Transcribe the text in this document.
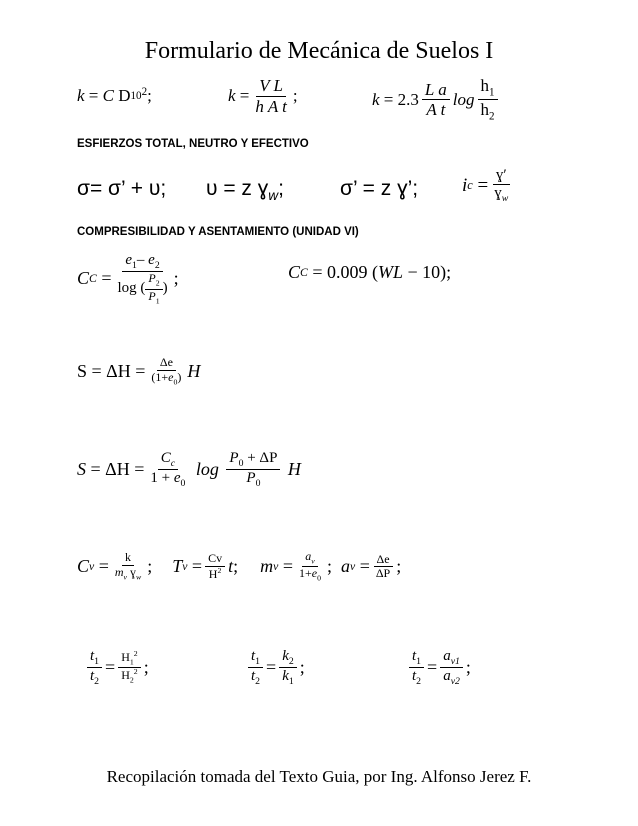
Formulario de Mecánica de Suelos I
k = C D $10^2$ ;	$k = \frac{\text{V L}}{\text{h A t}}$ ;	$k = 2.3 \frac{\text{L a}}{\text{A t}}$ $\log \frac{h_1}{h_2}$
ESFIERZOS TOTAL, NEUTRO Y EFECTIVO
σ= σ’ + ᴜ; ᴜ = z ɣ$_w$;	σ’ = z ɣ’; i $c = \frac{\text{ɣ′}}{ɣ_w}$
COMPRESIBILIDAD Y ASENTAMIENTO (UNIDAD VI)
C $C = \frac{e_1- e_2}{\log ( \frac{P_2}{P_1} )}$ ;	C C = 0.009 ( WL − 10);
$S = \Delta H = \frac{\Delta e}{(1+e_0)}$ H
$S = \Delta H = \frac{C_c}{1 + e_0}$
log
$\frac{P_0 + \Delta P}{P_0}$
H
C $v = \frac{k}{m_v ɣ_w}$ ; T $v = \frac{Cv}{H^2}$ t ; m $v = \frac{a_v}{1+e_0}$ ; a $v = \frac{\Delta e}{\Delta P}$ ;
$\frac{t_1}{t_2} = \frac{H_1^2}{H_2^2}$ ;	$\frac{t_1}{t_2} = \frac{k_2}{k_1}$ ;	$\frac{t_1}{t_2} = \frac{a_{v1}}{a_{v2}}$ ;
Recopilación tomada del Texto Guia, por Ing. Alfonso Jerez F.
